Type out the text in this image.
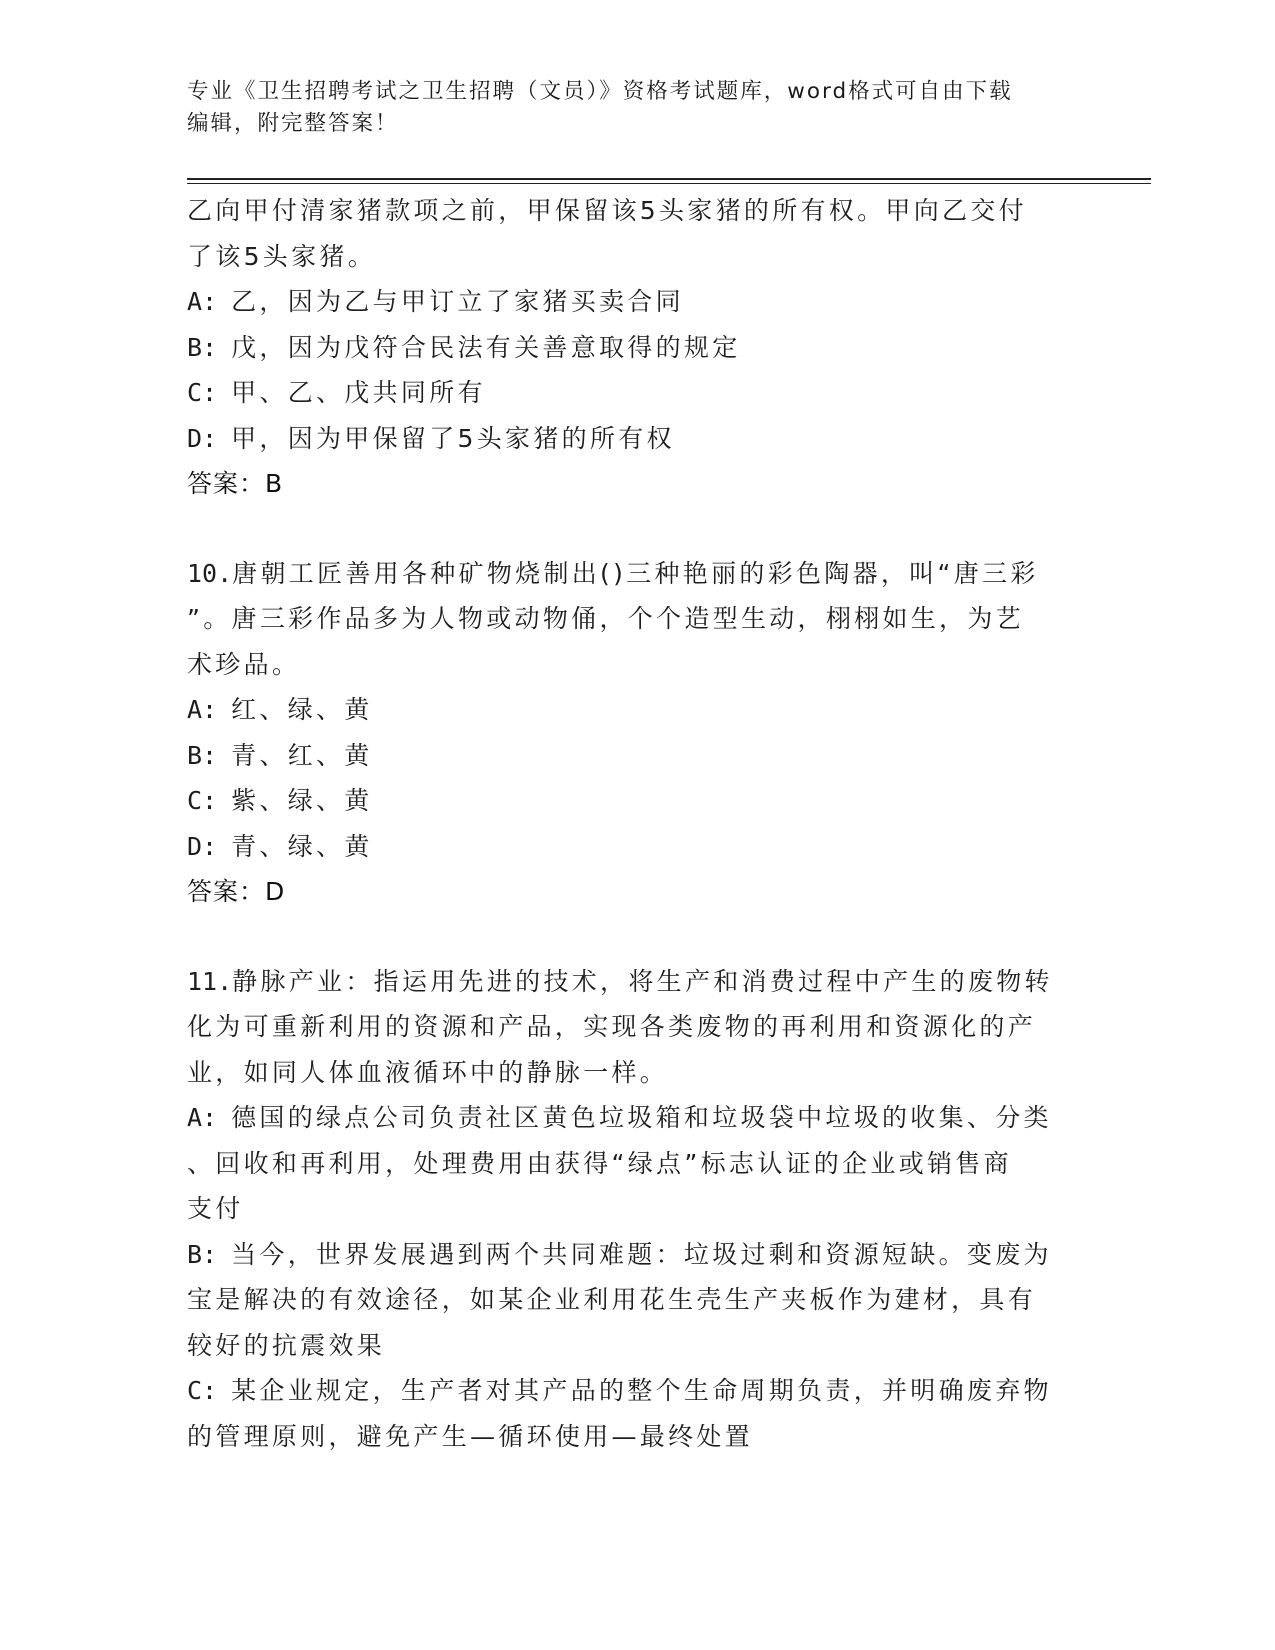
专业《卫生招聘考试之卫生招聘（文员）》资格考试题库，word格式可自由下载
编辑，附完整答案！
乙向甲付清家猪款项之前，甲保留该5头家猪的所有权。甲向乙交付
了该5头家猪。
A: 乙，因为乙与甲订立了家猪买卖合同
B: 戊，因为戊符合民法有关善意取得的规定
C: 甲、乙、戊共同所有
D: 甲，因为甲保留了5头家猪的所有权
答案：B
10.唐朝工匠善用各种矿物烧制出()三种艳丽的彩色陶器，叫“唐三彩
”。唐三彩作品多为人物或动物俑，个个造型生动，栩栩如生，为艺
术珍品。
A: 红、绿、黄
B: 青、红、黄
C: 紫、绿、黄
D: 青、绿、黄
答案：D
11.静脉产业：指运用先进的技术，将生产和消费过程中产生的废物转
化为可重新利用的资源和产品，实现各类废物的再利用和资源化的产
业，如同人体血液循环中的静脉一样。
A: 德国的绿点公司负责社区黄色垃圾箱和垃圾袋中垃圾的收集、分类
、回收和再利用，处理费用由获得“绿点”标志认证的企业或销售商
支付
B: 当今，世界发展遇到两个共同难题：垃圾过剩和资源短缺。变废为
宝是解决的有效途径，如某企业利用花生壳生产夹板作为建材，具有
较好的抗震效果
C: 某企业规定，生产者对其产品的整个生命周期负责，并明确废弃物
的管理原则，避免产生—循环使用—最终处置
